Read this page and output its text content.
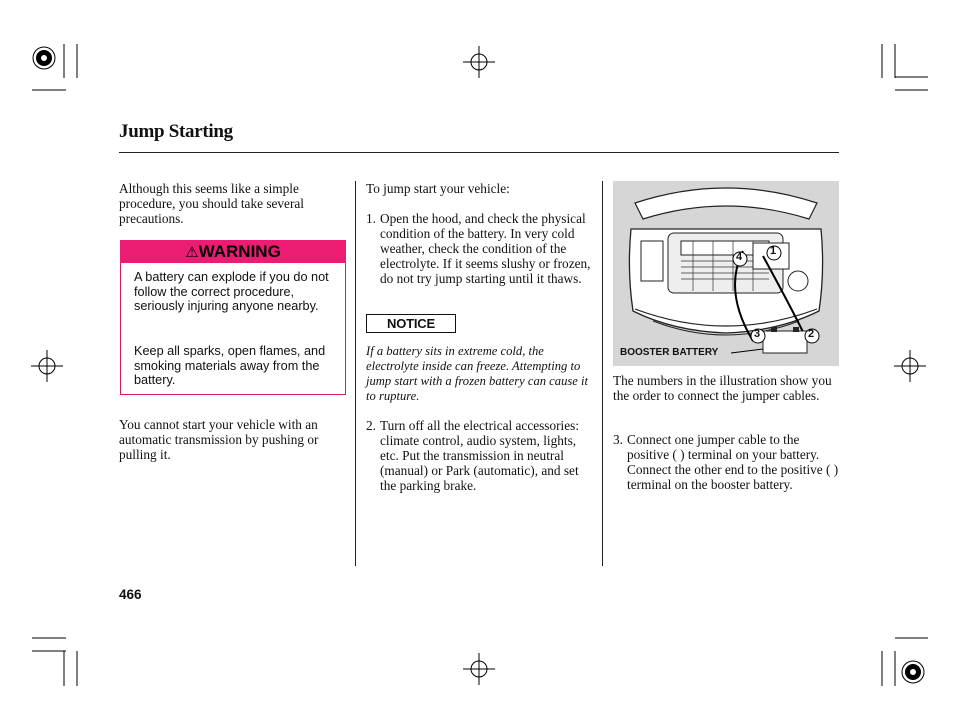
Jump Starting
Although this seems like a simple procedure, you should take several precautions.
⚠WARNING
A battery can explode if you do not follow the correct procedure, seriously injuring anyone nearby.
Keep all sparks, open flames, and smoking materials away from the battery.
You cannot start your vehicle with an automatic transmission by pushing or pulling it.
To jump start your vehicle:
1. Open the hood, and check the physical condition of the battery. In very cold weather, check the condition of the electrolyte. If it seems slushy or frozen, do not try jump starting until it thaws.
NOTICE
If a battery sits in extreme cold, the electrolyte inside can freeze. Attempting to jump start with a frozen battery can cause it to rupture.
2. Turn off all the electrical accessories: climate control, audio system, lights, etc. Put the transmission in neutral (manual) or Park (automatic), and set the parking brake.
1
2
3
4
BOOSTER BATTERY
The numbers in the illustration show you the order to connect the jumper cables.
3. Connect one jumper cable to the positive ( ) terminal on your battery. Connect the other end to the positive ( ) terminal on the booster battery.
466
